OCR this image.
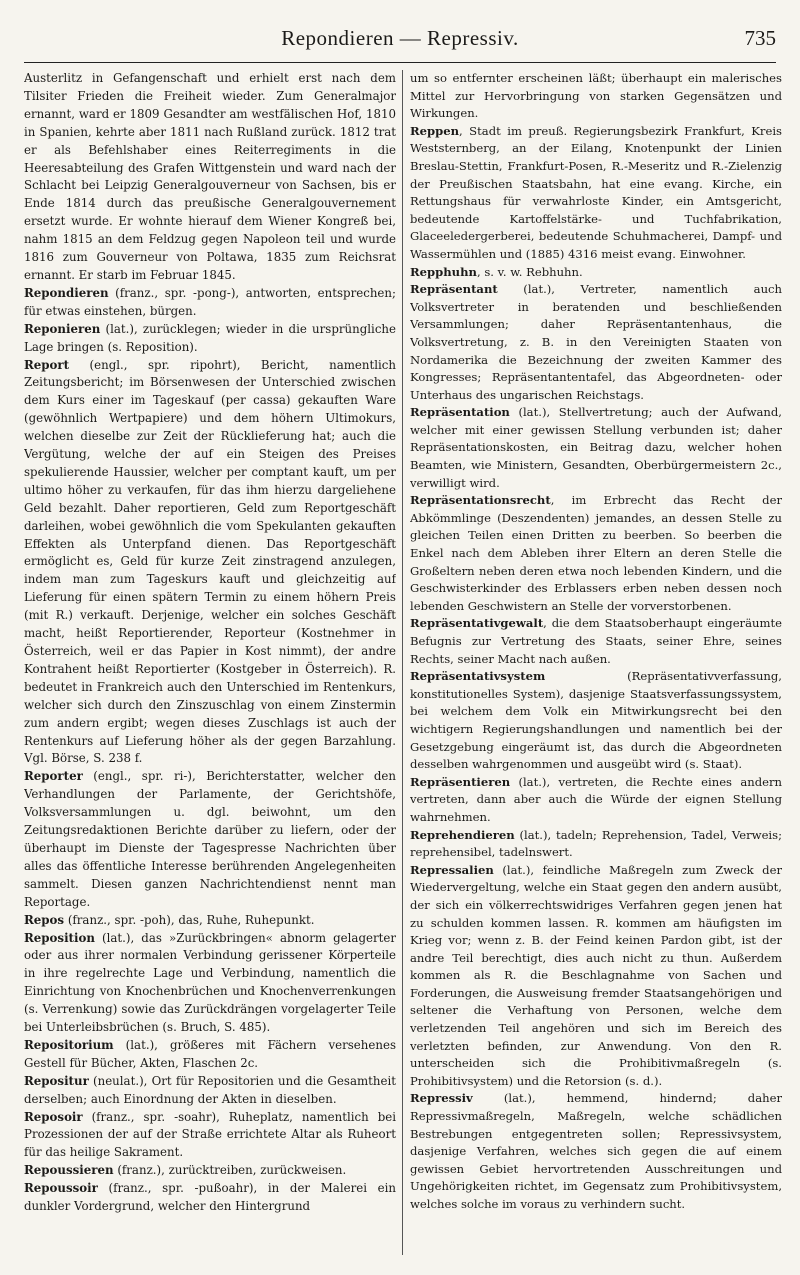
Repondieren — Repressiv.	735

Austerlitz in Gefangenschaft und erhielt erst nach dem Tilsiter Frieden die Freiheit wieder. Zum Generalmajor ernannt, ward er 1809 Gesandter am westfälischen Hof, 1810 in Spanien, kehrte aber 1811 nach Rußland zurück. 1812 trat er als Befehlshaber eines Reiterregiments in die Heeresabteilung des Grafen Wittgenstein und ward nach der Schlacht bei Leipzig Generalgouverneur von Sachsen, bis er Ende 1814 durch das preußische Generalgouvernement ersetzt wurde. Er wohnte hierauf dem Wiener Kongreß bei, nahm 1815 an dem Feldzug gegen Napoleon teil und wurde 1816 zum Gouverneur von Poltawa, 1835 zum Reichsrat ernannt. Er starb im Februar 1845.

Repondieren (franz., spr. -pong-), antworten, entsprechen; für etwas einstehen, bürgen.

Reponieren (lat.), zurücklegen; wieder in die ursprüngliche Lage bringen (s. Reposition).

Report (engl., spr. ripohrt), Bericht, namentlich Zeitungsbericht; im Börsenwesen der Unterschied zwischen dem Kurs einer im Tageskauf (per cassa) gekauften Ware (gewöhnlich Wertpapiere) und dem höhern Ultimokurs, welchen dieselbe zur Zeit der Rücklieferung hat; auch die Vergütung, welche der auf ein Steigen des Preises spekulierende Haussier, welcher per comptant kauft, um per ultimo höher zu verkaufen, für das ihm hierzu dargeliehene Geld bezahlt. Daher reportieren, Geld zum Reportgeschäft darleihen, wobei gewöhnlich die vom Spekulanten gekauften Effekten als Unterpfand dienen. Das Reportgeschäft ermöglicht es, Geld für kurze Zeit zinstragend anzulegen, indem man zum Tageskurs kauft und gleichzeitig auf Lieferung für einen spätern Termin zu einem höhern Preis (mit R.) verkauft. Derjenige, welcher ein solches Geschäft macht, heißt Reportierender, Reporteur (Kostnehmer in Österreich, weil er das Papier in Kost nimmt), der andre Kontrahent heißt Reportierter (Kostgeber in Österreich). R. bedeutet in Frankreich auch den Unterschied im Rentenkurs, welcher sich durch den Zinszuschlag von einem Zinstermin zum andern ergibt; wegen dieses Zuschlags ist auch der Rentenkurs auf Lieferung höher als der gegen Barzahlung. Vgl. Börse, S. 238 f.

Reporter (engl., spr. ri-), Berichterstatter, welcher den Verhandlungen der Parlamente, der Gerichtshöfe, Volksversammlungen u. dgl. beiwohnt, um den Zeitungsredaktionen Berichte darüber zu liefern, oder der überhaupt im Dienste der Tagespresse Nachrichten über alles das öffentliche Interesse berührenden Angelegenheiten sammelt. Diesen ganzen Nachrichtendienst nennt man Reportage.

Repos (franz., spr. -poh), das, Ruhe, Ruhepunkt.

Reposition (lat.), das »Zurückbringen« abnorm gelagerter oder aus ihrer normalen Verbindung gerissener Körperteile in ihre regelrechte Lage und Verbindung, namentlich die Einrichtung von Knochenbrüchen und Knochenverrenkungen (s. Verrenkung) sowie das Zurückdrängen vorgelagerter Teile bei Unterleibsbrüchen (s. Bruch, S. 485).

Repositorium (lat.), größeres mit Fächern versehenes Gestell für Bücher, Akten, Flaschen 2c.

Repositur (neulat.), Ort für Repositorien und die Gesamtheit derselben; auch Einordnung der Akten in dieselben.

Reposoir (franz., spr. -soahr), Ruheplatz, namentlich bei Prozessionen der auf der Straße errichtete Altar als Ruheort für das heilige Sakrament.

Repoussieren (franz.), zurücktreiben, zurückweisen.

Repoussoir (franz., spr. -pußoahr), in der Malerei ein dunkler Vordergrund, welcher den Hintergrund

um so entfernter erscheinen läßt; überhaupt ein malerisches Mittel zur Hervorbringung von starken Gegensätzen und Wirkungen.

Reppen, Stadt im preuß. Regierungsbezirk Frankfurt, Kreis Weststernberg, an der Eilang, Knotenpunkt der Linien Breslau-Stettin, Frankfurt-Posen, R.-Meseritz und R.-Zielenzig der Preußischen Staatsbahn, hat eine evang. Kirche, ein Rettungshaus für verwahrloste Kinder, ein Amtsgericht, bedeutende Kartoffelstärke- und Tuchfabrikation, Glaceeledergerberei, bedeutende Schuhmacherei, Dampf- und Wassermühlen und (1885) 4316 meist evang. Einwohner.

Repphuhn, s. v. w. Rebhuhn.

Repräsentant (lat.), Vertreter, namentlich auch Volksvertreter in beratenden und beschließenden Versammlungen; daher Repräsentantenhaus, die Volksvertretung, z. B. in den Vereinigten Staaten von Nordamerika die Bezeichnung der zweiten Kammer des Kongresses; Repräsentantentafel, das Abgeordneten- oder Unterhaus des ungarischen Reichstags.

Repräsentation (lat.), Stellvertretung; auch der Aufwand, welcher mit einer gewissen Stellung verbunden ist; daher Repräsentationskosten, ein Beitrag dazu, welcher hohen Beamten, wie Ministern, Gesandten, Oberbürgermeistern 2c., verwilligt wird.

Repräsentationsrecht, im Erbrecht das Recht der Abkömmlinge (Deszendenten) jemandes, an dessen Stelle zu gleichen Teilen einen Dritten zu beerben. So beerben die Enkel nach dem Ableben ihrer Eltern an deren Stelle die Großeltern neben deren etwa noch lebenden Kindern, und die Geschwisterkinder des Erblassers erben neben dessen noch lebenden Geschwistern an Stelle der vorverstorbenen.

Repräsentativgewalt, die dem Staatsoberhaupt eingeräumte Befugnis zur Vertretung des Staats, seiner Ehre, seines Rechts, seiner Macht nach außen.

Repräsentativsystem (Repräsentativverfassung, konstitutionelles System), dasjenige Staatsverfassungssystem, bei welchem dem Volk ein Mitwirkungsrecht bei den wichtigern Regierungshandlungen und namentlich bei der Gesetzgebung eingeräumt ist, das durch die Abgeordneten desselben wahrgenommen und ausgeübt wird (s. Staat).

Repräsentieren (lat.), vertreten, die Rechte eines andern vertreten, dann aber auch die Würde der eignen Stellung wahrnehmen.

Reprehendieren (lat.), tadeln; Reprehension, Tadel, Verweis; reprehensibel, tadelnswert.

Repressalien (lat.), feindliche Maßregeln zum Zweck der Wiedervergeltung, welche ein Staat gegen den andern ausübt, der sich ein völkerrechtswidriges Verfahren gegen jenen hat zu schulden kommen lassen. R. kommen am häufigsten im Krieg vor; wenn z. B. der Feind keinen Pardon gibt, ist der andre Teil berechtigt, dies auch nicht zu thun. Außerdem kommen als R. die Beschlagnahme von Sachen und Forderungen, die Ausweisung fremder Staatsangehörigen und seltener die Verhaftung von Personen, welche dem verletzenden Teil angehören und sich im Bereich des verletzten befinden, zur Anwendung. Von den R. unterscheiden sich die Prohibitivmaßregeln (s. Prohibitivsystem) und die Retorsion (s. d.).

Repressiv (lat.), hemmend, hindernd; daher Repressivmaßregeln, Maßregeln, welche schädlichen Bestrebungen entgegentreten sollen; Repressivsystem, dasjenige Verfahren, welches sich gegen die auf einem gewissen Gebiet hervortretenden Ausschreitungen und Ungehörigkeiten richtet, im Gegensatz zum Prohibitivsystem, welches solche im voraus zu verhindern sucht.
